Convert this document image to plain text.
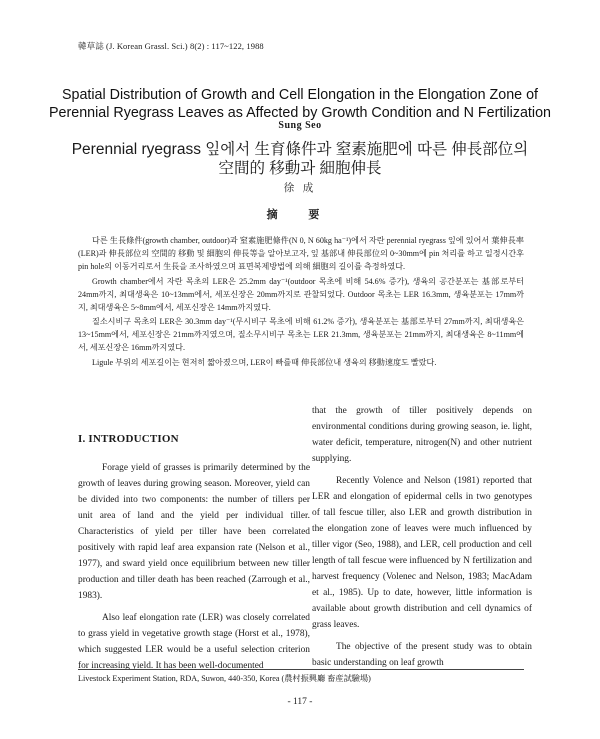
韓草誌 (J. Korean Grassl. Sci.) 8(2) : 117~122, 1988
Spatial Distribution of Growth and Cell Elongation in the Elongation Zone of
Perennial Ryegrass Leaves as Affected by Growth Condition and N Fertilization
Sung Seo
Perennial ryegrass 잎에서 生育條件과 窒素施肥에 따른 伸長部位의
空間的 移動과 細胞伸長
徐 成
摘 要

다른 生長條件(growth chamber, outdoor)과 窒素施肥條件(N 0, N 60kg ha⁻¹)에서 자란 perennial ryegrass 잎에 있어서 葉伸長率(LER)과 伸長部位의 空間的 移動 및 細胞의 伸長等을 알아보고자, 잎 基部내 伸長部位의 0~30mm에 pin 처리를 하고 일정시간후 pin hole의 이동거리로서 生長을 조사하였으며 표면복제방법에 의해 細胞의 길이를 측정하였다.

Growth chamber에서 자란 목초의 LER은 25.2mm day⁻¹(outdoor 목초에 비해 54.6% 증가), 생육의 공간분포는 基部로부터 24mm까지, 최대생육은 10~13mm에서, 세포신장은 20mm까지로 관찰되었다. Outdoor 목초는 LER 16.3mm, 생육분포는 17mm까지, 최대생육은 5~8mm에서, 세포신장은 14mm까지였다.

질소시비구 목초의 LER은 30.3mm day⁻¹(무시비구 목초에 비해 61.2% 증가), 생육분포는 基部로부터 27mm까지, 최대생육은 13~15mm에서, 세포신장은 21mm까지였으며, 질소무시비구 목초는 LER 21.3mm, 생육분포는 21mm까지, 최대생육은 8~11mm에서, 세포신장은 16mm까지였다.

Ligule 부위의 세포길이는 현저히 짧아졌으며, LER이 빠를때 伸長部位내 생육의 移動速度도 빨랐다.

I. INTRODUCTION

Forage yield of grasses is primarily determined by the growth of leaves during growing season. Moreover, yield can be divided into two components: the number of tillers per unit area of land and the yield per individual tiller. Characteristics of yield per tiller have been correlated positively with rapid leaf area expansion rate (Nelson et al., 1977), and sward yield once equilibrium between new tiller production and tiller death has been reached (Zarrough et al., 1983).

Also leaf elongation rate (LER) was closely correlated to grass yield in vegetative growth stage (Horst et al., 1978), which suggested LER would be a useful selection criterion for increasing yield. It has been well-documented

that the growth of tiller positively depends on environmental conditions during growing season, ie. light, water deficit, temperature, nitrogen(N) and other nutrient supplying.

Recently Volence and Nelson (1981) reported that LER and elongation of epidermal cells in two genotypes of tall fescue tiller, also LER and growth distribution in the elongation zone of leaves were much influenced by tiller vigor (Seo, 1988), and LER, cell production and cell length of tall fescue were influenced by N fertilization and harvest frequency (Volenec and Nelson, 1983; MacAdam et al., 1985). Up to date, however, little information is available about growth distribution and cell dynamics of grass leaves.

The objective of the present study was to obtain basic understanding on leaf growth

Livestock Experiment Station, RDA, Suwon, 440-350, Korea (農村振興廳 畜産試驗場)
- 117 -
